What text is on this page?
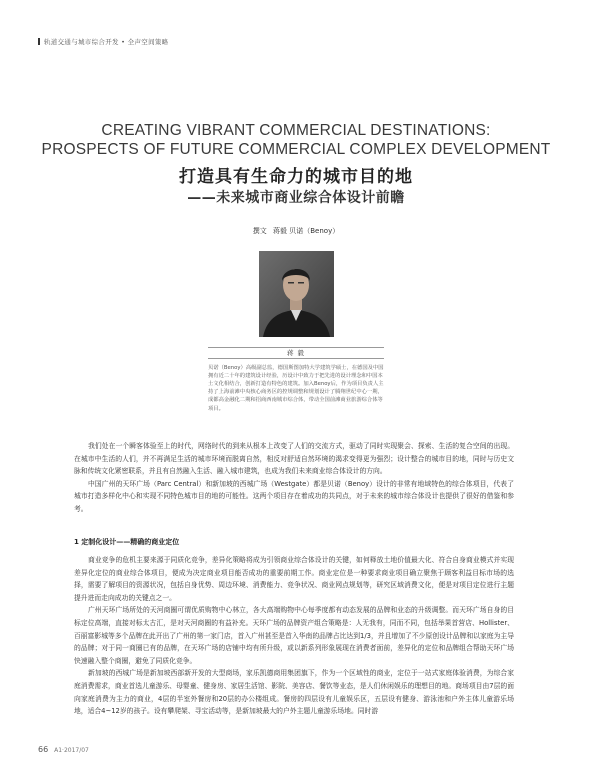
轨道交通与城市综合开发 • 全声空间策略
CREATING VIBRANT COMMERCIAL DESTINATIONS:
PROSPECTS OF FUTURE COMMERCIAL COMPLEX DEVELOPMENT
打造具有生命力的城市目的地
——未来城市商业综合体设计前瞻
撰文 蒋毅 贝诺（Benoy）
蒋 毅
贝诺（Benoy）高级副总监，德国斯图加特大学建筑学硕士，在德国及中国拥有近二十年的建筑设计经验，历设计中致力于把先进的设计理念和中国本土文化相结合，创新打造有特色的建筑。加入Benoy后，作为项目负责人主持了上海前滩中央核心商务区的控规调整和规划设计了腾翔世纪中心一期，成都高金融化二期和招商西南城市综合体，带动全国前滩商业旅游综合体等项目。

我们处在一个瞬客体验至上的时代，网络时代的到来从根本上改变了人们的交流方式，驱动了同时实现聚会、探索、生活的复合空间的出现。在城市中生活的人们，并不再满足生活的城市环境而脱离自然，相反对舒适自然环境的渴求变得更为强烈；设计整合的城市目的地，同时与历史文脉和传统文化紧密联系，并且有自然融入生活、融入城市建筑，也成为我们未来商业综合体设计的方向。

中国广州的天环广场（Parc Central）和新加坡的西城广场（Westgate）都是贝诺（Benoy）设计的非常有地域特色的综合体项目，代表了城市打造多样化中心和实现不同特色城市目的地的可能性。这两个项目存在着成功的共同点，对于未来的城市综合体设计也提供了很好的借鉴和参考。

1 定制化设计——精确的商业定位

商业竞争的危机主要来源于同质化竞争，差异化策略将成为引领商业综合体设计的关键，如何释放土地价值最大化、符合自身商业模式并实现差异化定位的商业综合体项目，便成为决定商业项目能否成功的重要前期工作。商业定位是一种要求商业项目确立聚焦于顾客利益目标市场的选择，需要了解项目的资源状况，包括自身优势、周边环境、消费能力、竞争状况、商业网点规划等，研究区域消费文化，便是对项目定位进行主题提升进而走向成功的关键点之一。

广州天环广场所处的天河商圈可谓优质购物中心林立，各大高端购物中心每季度都有动态发展的品牌和业态的升级调整。而天环广场自身的目标定位高端，直接对标太古汇，是对天河商圈的有益补充。天环广场的品牌资产组合策略是：人无我有，同而不同，包括举果首营店、Hollister、百丽富影城等多个品牌在此开出了广州的第一家门店，首入广州甚至是首入华南的品牌占比达到1/3，并且增加了不少原创设计品牌和以家庭为主导的品牌；对于同一商圈已有的品牌，在天环广场的店铺中均有所升级，或以新系列形象展现在消费者面前，差异化的定位和品牌组合帮助天环广场快速融入整个商圈，避免了同质化竞争。

新加坡的西城广场是新加坡西部新开发的大型商场，家乐凯德商用集团旗下，作为一个区域性的商业，定位于一站式家庭体验消费，为综合家庭消费需求，商业首选儿童游乐、母婴童、健身房、家居生活馆、影院、美容店、餐饮等业态，是人们休闲娱乐的理想目的地。商场项目由7层的面向家庭消费为主力的商业，4层的半室外餐房和20层的办公楼组成。餐房的四层设有儿童娱乐区，五层设有健身、游泳池和户外主体儿童游乐场地，适合4~12岁的孩子。设有攀爬架、寻宝活动等，是新加坡最大的户外主题儿童游乐场地。同时游

66 A1·2017/07
